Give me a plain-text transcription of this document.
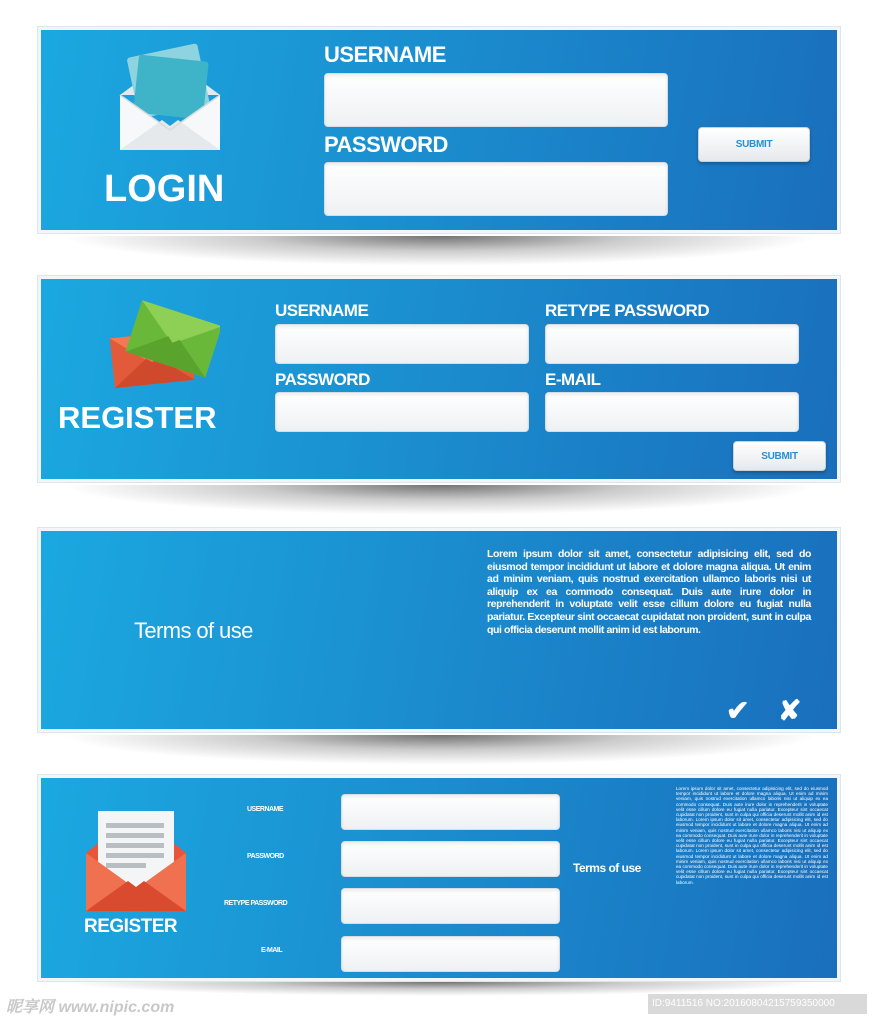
LOGIN
USERNAME
PASSWORD	SUBMIT
REGISTER
USERNAME
PASSWORD
RETYPE PASSWORD
E-MAIL
SUBMIT
Terms of use
Lorem ipsum dolor sit amet, consectetur adipisicing elit, sed do eiusmod tempor incididunt ut labore et dolore magna aliqua. Ut enim ad minim veniam, quis nostrud exercitation ullamco laboris nisi ut aliquip ex ea commodo consequat. Duis aute irure dolor in reprehenderit in voluptate velit esse cillum dolore eu fugiat nulla pariatur. Excepteur sint occaecat cupidatat non proident, sunt in culpa qui officia deserunt mollit anim id est laborum.
✔ ✘
REGISTER
USERNAME
PASSWORD
RETYPE PASSWORD
E-MAIL
Terms of use
Lorem ipsum dolor sit amet, consectetur adipisicing elit, sed do eiusmod tempor incididunt ut labore et dolore magna aliqua. Ut enim ad minim veniam, quis nostrud exercitation ullamco laboris nisi ut aliquip ex ea commodo consequat. Duis aute irure dolor in reprehenderit in voluptate velit esse cillum dolore eu fugiat nulla pariatur. Excepteur sint occaecat cupidatat non proident, sunt in culpa qui officia deserunt mollit anim id est laborum. Lorem ipsum dolor sit amet, consectetur adipisicing elit, sed do eiusmod tempor incididunt ut labore et dolore magna aliqua. Ut enim ad minim veniam, quis nostrud exercitation ullamco laboris nisi ut aliquip ex ea commodo consequat. Duis aute irure dolor in reprehenderit in voluptate velit esse cillum dolore eu fugiat nulla pariatur. Excepteur sint occaecat cupidatat non proident, sunt in culpa qui officia deserunt mollit anim id est laborum. Lorem ipsum dolor sit amet, consectetur adipisicing elit, sed do eiusmod tempor incididunt ut labore et dolore magna aliqua. Ut enim ad minim veniam, quis nostrud exercitation ullamco laboris nisi ut aliquip ex ea commodo consequat. Duis aute irure dolor in reprehenderit in voluptate velit esse cillum dolore eu fugiat nulla pariatur. Excepteur sint occaecat cupidatat non proident, sunt in culpa qui officia deserunt mollit anim id est laborum.
昵享网 www.nipic.com	ID:9411516 NO:20160804215759350000
